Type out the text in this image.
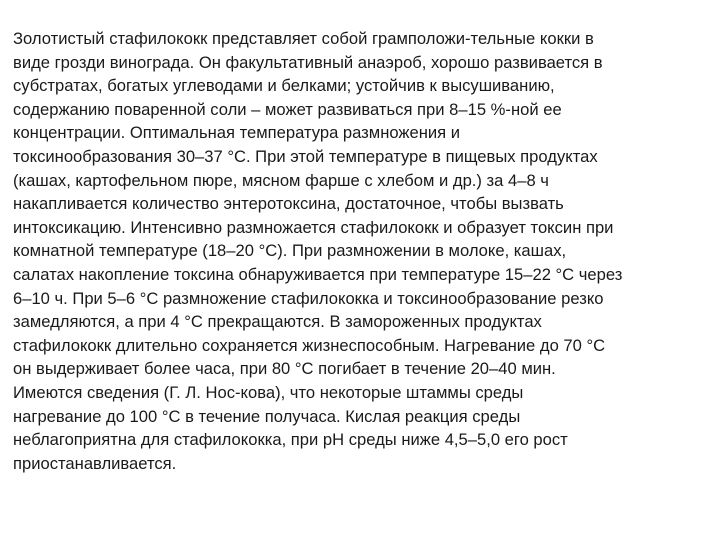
Золотистый стафилококк представляет собой грамположи-тельные кокки в
виде грозди винограда. Он факультативный анаэроб, хорошо развивается в
субстратах, богатых углеводами и белками; устойчив к высушиванию,
содержанию поваренной соли – может развиваться при 8–15 %-ной ее
концентрации. Оптимальная температура размножения и
токсинообразования 30–37 °С. При этой температуре в пищевых продуктах
(кашах, картофельном пюре, мясном фарше с хлебом и др.) за 4–8 ч
накапливается количество энтеротоксина, достаточное, чтобы вызвать
интоксикацию. Интенсивно размножается стафилококк и образует токсин при
комнатной температуре (18–20 °С). При размножении в молоке, кашах,
салатах накопление токсина обнаруживается при температуре 15–22 °С через
6–10 ч. При 5–6 °С размножение стафилококка и токсинообразование резко
замедляются, а при 4 °С прекращаются. В замороженных продуктах
стафилококк длительно сохраняется жизнеспособным. Нагревание до 70 °С
он выдерживает более часа, при 80 °С погибает в течение 20–40 мин.
Имеются сведения (Г. Л. Нос-кова), что некоторые штаммы среды
нагревание до 100 °С в течение получаса. Кислая реакция среды
неблагоприятна для стафилококка, при рН среды ниже 4,5–5,0 его рост
приостанавливается.
